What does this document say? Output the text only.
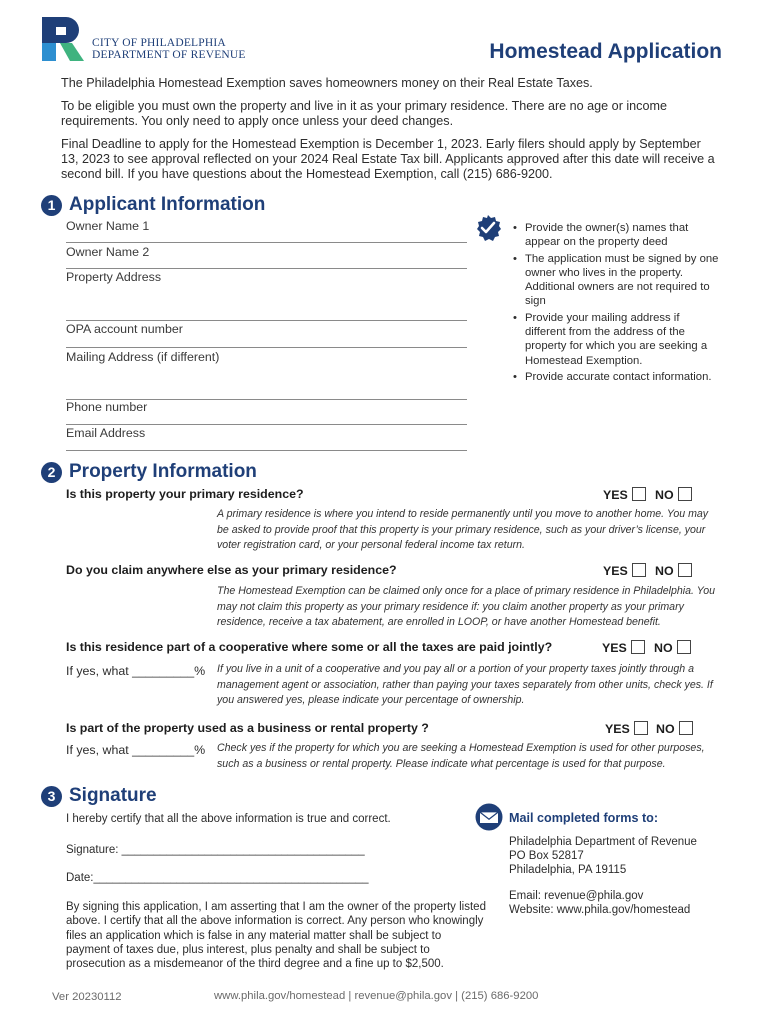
CITY OF PHILADELPHIA
DEPARTMENT OF REVENUE	Homestead Application
The Philadelphia Homestead Exemption saves homeowners money on their Real Estate Taxes.
To be eligible you must own the property and live in it as your primary residence. There are no age or income requirements. You only need to apply once unless your deed changes.
Final Deadline to apply for the Homestead Exemption is December 1, 2023. Early filers should apply by September 13, 2023 to see approval reflected on your 2024 Real Estate Tax bill. Applicants approved after this date will receive a second bill. If you have questions about the Homestead Exemption, call (215) 686-9200.
1 Applicant Information
Owner Name 1
Owner Name 2
Property Address
OPA account number
Mailing Address (if different)
Phone number
Email Address
• Provide the owner(s) names that appear on the property deed
• The application must be signed by one owner who lives in the property. Additional owners are not required to sign
• Provide your mailing address if different from the address of the property for which you are seeking a Homestead Exemption.
• Provide accurate contact information.
2 Property Information
Is this property your primary residence?	YES	NO
A primary residence is where you intend to reside permanently until you move to another home. You may be asked to provide proof that this property is your primary residence, such as your driver’s license, your voter registration card, or your personal federal income tax return.
Do you claim anywhere else as your primary residence?	YES	NO
The Homestead Exemption can be claimed only once for a place of primary residence in Philadelphia. You may not claim this property as your primary residence if: you claim another property as your primary residence, receive a tax abatement, are enrolled in LOOP, or have another Homestead benefit.
Is this residence part of a cooperative where some or all the taxes are paid jointly?	YES	NO
If yes, what _________% If you live in a unit of a cooperative and you pay all or a portion of your property taxes jointly through a management agent or association, rather than paying your taxes separately from other units, check yes. If you answered yes, please indicate your percentage of ownership.
Is part of the property used as a business or rental property ?	YES	NO
If yes, what _________% Check yes if the property for which you are seeking a Homestead Exemption is used for other purposes, such as a business or rental property. Please indicate what percentage is used for that purpose.
3 Signature
I hereby certify that all the above information is true and correct.
Signature: ______________________________________
Date:___________________________________________
By signing this application, I am asserting that I am the owner of the property listed above. I certify that all the above information is correct. Any person who knowingly files an application which is false in any material matter shall be subject to payment of taxes due, plus interest, plus penalty and shall be subject to prosecution as a misdemeanor of the third degree and a fine up to $2,500.
Mail completed forms to:
Philadelphia Department of Revenue
PO Box 52817
Philadelphia, PA 19115
Email: revenue@phila.gov
Website: www.phila.gov/homestead
Ver 20230112	www.phila.gov/homestead | revenue@phila.gov | (215) 686-9200
